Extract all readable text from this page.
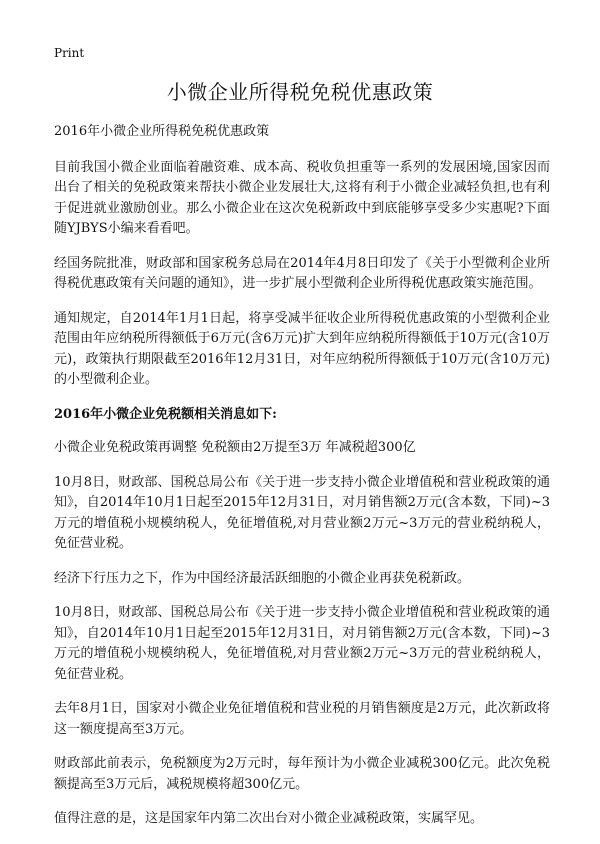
Print
小微企业所得税免税优惠政策

2016年小微企业所得税免税优惠政策

目前我国小微企业面临着融资难、成本高、税收负担重等一系列的发展困境,国家因而出台了相关的免税政策来帮扶小微企业发展壮大,这将有利于小微企业减轻负担,也有利于促进就业激励创业。那么小微企业在这次免税新政中到底能够享受多少实惠呢?下面随YJBYS小编来看看吧。

经国务院批准，财政部和国家税务总局在2014年4月8日印发了《关于小型微利企业所得税优惠政策有关问题的通知》，进一步扩展小型微利企业所得税优惠政策实施范围。

通知规定，自2014年1月1日起，将享受减半征收企业所得税优惠政策的小型微利企业范围由年应纳税所得额低于6万元(含6万元)扩大到年应纳税所得额低于10万元(含10万元)，政策执行期限截至2016年12月31日，对年应纳税所得额低于10万元(含10万元)的小型微利企业。

2016年小微企业免税额相关消息如下:

小微企业免税政策再调整 免税额由2万提至3万 年减税超300亿

10月8日，财政部、国税总局公布《关于进一步支持小微企业增值税和营业税政策的通知》，自2014年10月1日起至2015年12月31日，对月销售额2万元(含本数，下同)~3万元的增值税小规模纳税人，免征增值税,对月营业额2万元~3万元的营业税纳税人，免征营业税。

经济下行压力之下，作为中国经济最活跃细胞的小微企业再获免税新政。

10月8日，财政部、国税总局公布《关于进一步支持小微企业增值税和营业税政策的通知》，自2014年10月1日起至2015年12月31日，对月销售额2万元(含本数，下同)~3万元的增值税小规模纳税人，免征增值税,对月营业额2万元~3万元的营业税纳税人，免征营业税。

去年8月1日，国家对小微企业免征增值税和营业税的月销售额度是2万元，此次新政将这一额度提高至3万元。

财政部此前表示，免税额度为2万元时，每年预计为小微企业减税300亿元。此次免税额提高至3万元后，减税规模将超300亿元。

值得注意的是，这是国家年内第二次出台对小微企业减税政策，实属罕见。
